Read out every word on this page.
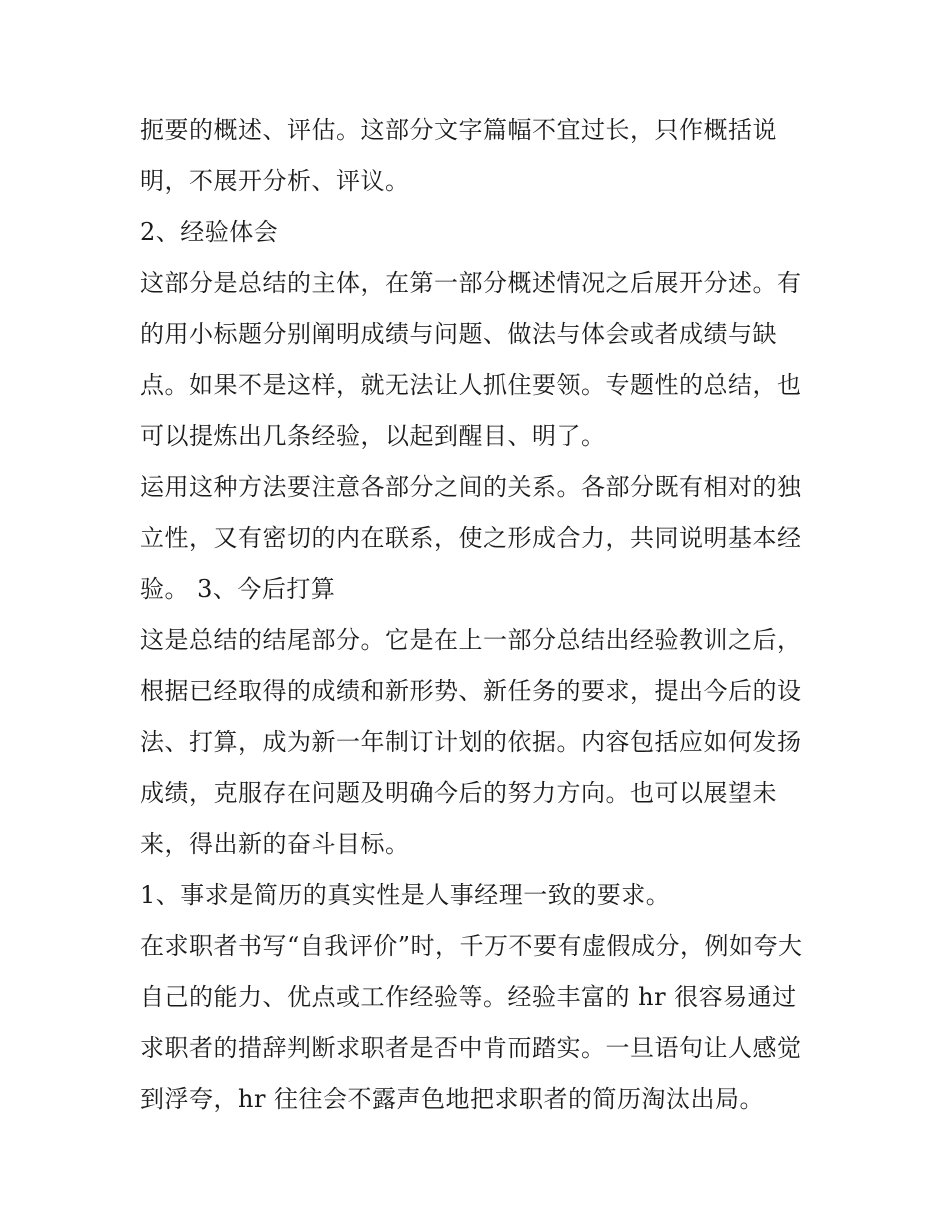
扼要的概述、评估。这部分文字篇幅不宜过长，只作概括说

明，不展开分析、评议。

2、经验体会

这部分是总结的主体，在第一部分概述情况之后展开分述。有

的用小标题分别阐明成绩与问题、做法与体会或者成绩与缺

点。如果不是这样，就无法让人抓住要领。专题性的总结，也

可以提炼出几条经验，以起到醒目、明了。

运用这种方法要注意各部分之间的关系。各部分既有相对的独

立性，又有密切的内在联系，使之形成合力，共同说明基本经

验。 3、今后打算

这是总结的结尾部分。它是在上一部分总结出经验教训之后，

根据已经取得的成绩和新形势、新任务的要求，提出今后的设

法、打算，成为新一年制订计划的依据。内容包括应如何发扬

成绩，克服存在问题及明确今后的努力方向。也可以展望未

来，得出新的奋斗目标。

1、事求是简历的真实性是人事经理一致的要求。

在求职者书写“自我评价”时，千万不要有虚假成分，例如夸大

自己的能力、优点或工作经验等。经验丰富的 hr 很容易通过

求职者的措辞判断求职者是否中肯而踏实。一旦语句让人感觉

到浮夸，hr 往往会不露声色地把求职者的简历淘汰出局。
